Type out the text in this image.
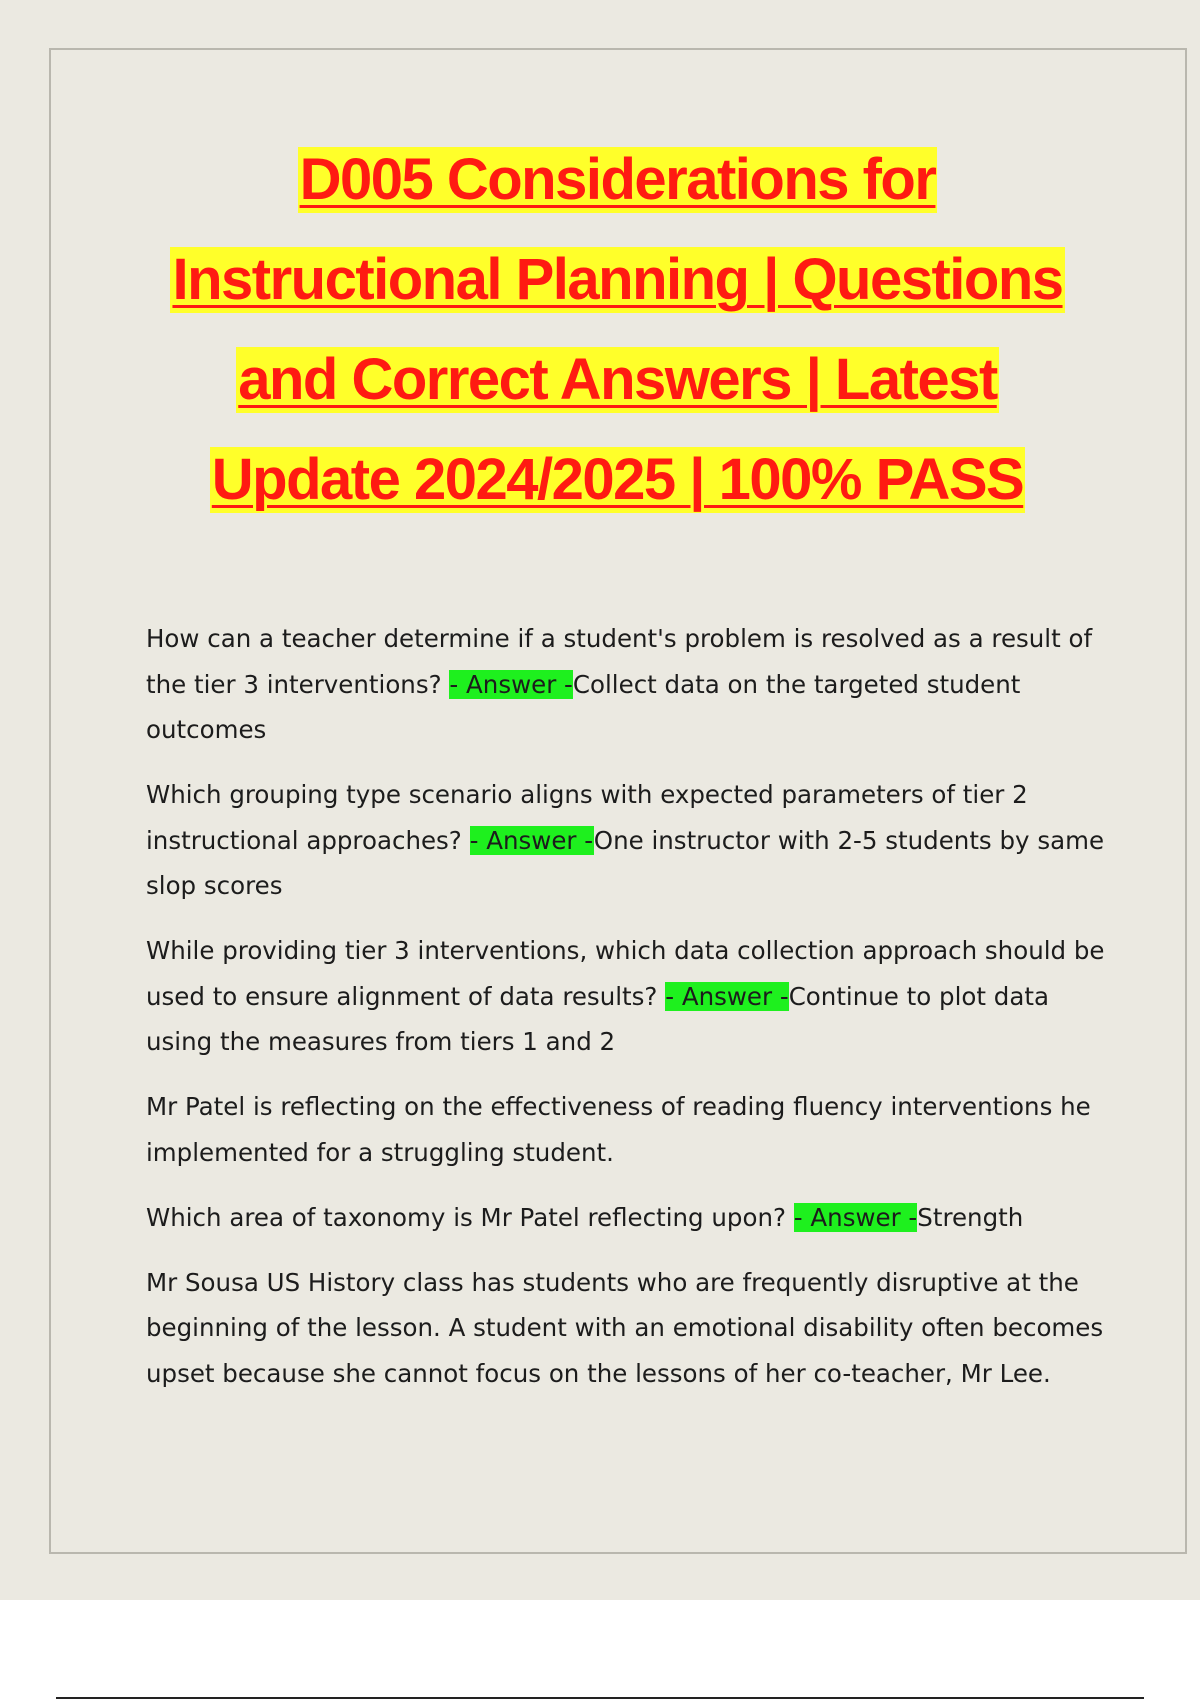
D005 Considerations for
Instructional Planning | Questions
and Correct Answers | Latest
Update 2024/2025 | 100% PASS

How can a teacher determine if a student's problem is resolved as a result of the tier 3 interventions? - Answer -Collect data on the targeted student outcomes

Which grouping type scenario aligns with expected parameters of tier 2 instructional approaches? - Answer -One instructor with 2-5 students by same slop scores

While providing tier 3 interventions, which data collection approach should be used to ensure alignment of data results? - Answer -Continue to plot data using the measures from tiers 1 and 2

Mr Patel is reflecting on the effectiveness of reading fluency interventions he implemented for a struggling student.

Which area of taxonomy is Mr Patel reflecting upon? - Answer -Strength

Mr Sousa US History class has students who are frequently disruptive at the beginning of the lesson. A student with an emotional disability often becomes upset because she cannot focus on the lessons of her co-teacher, Mr Lee.
